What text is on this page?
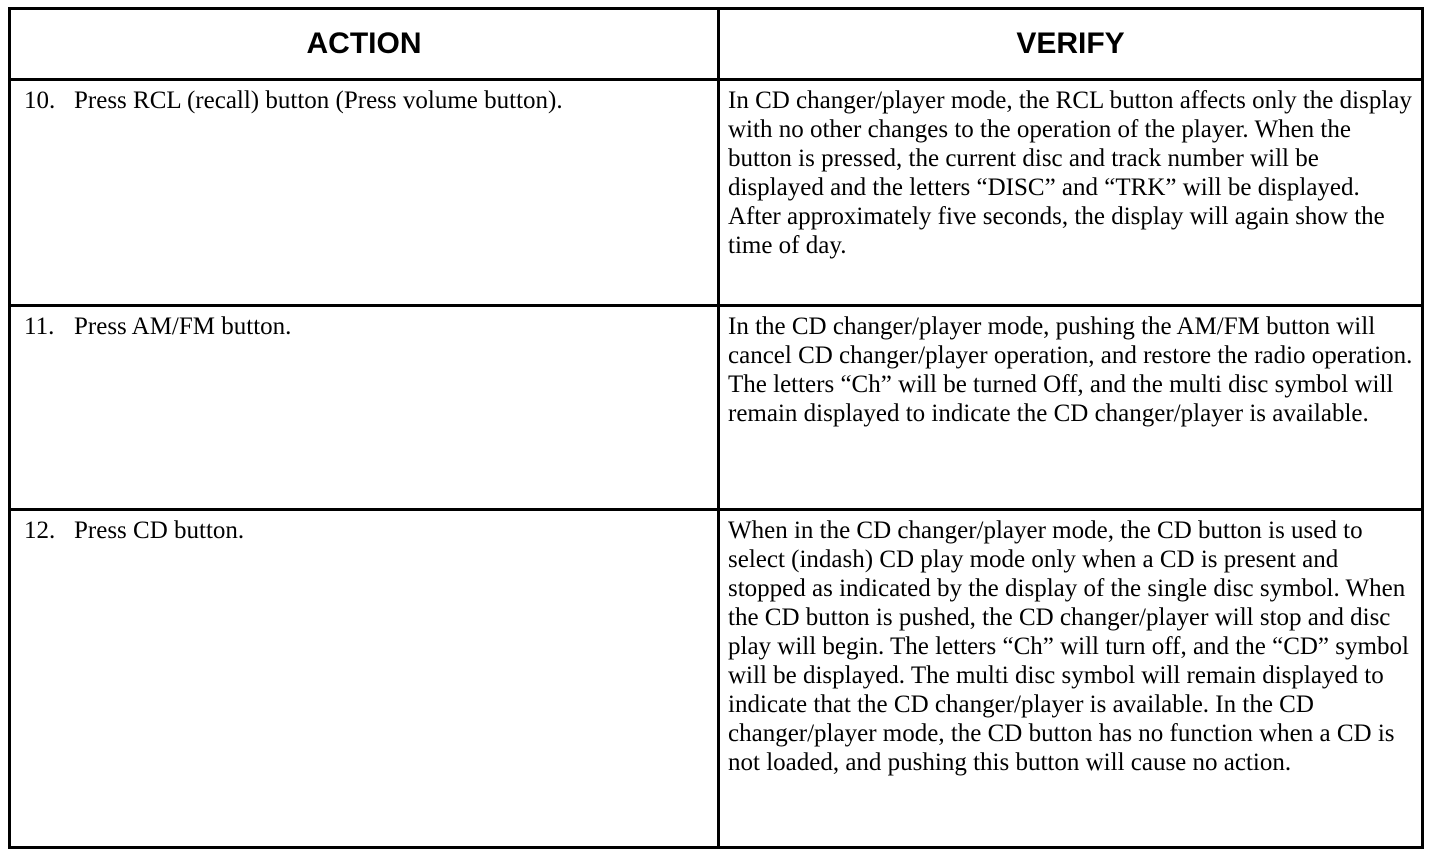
ACTION	VERIFY
10. Press RCL (recall) button (Press volume button).	In CD changer/player mode, the RCL button affects only the display with no other changes to the operation of the player. When the button is pressed, the current disc and track number will be displayed and the letters “DISC” and “TRK” will be displayed. After approximately five seconds, the display will again show the time of day.
11. Press AM/FM button.	In the CD changer/player mode, pushing the AM/FM button will cancel CD changer/player operation, and restore the radio operation. The letters “Ch” will be turned Off, and the multi disc symbol will remain displayed to indicate the CD changer/player is available.
12. Press CD button.	When in the CD changer/player mode, the CD button is used to select (indash) CD play mode only when a CD is present and stopped as indicated by the display of the single disc symbol. When the CD button is pushed, the CD changer/player will stop and disc play will begin. The letters “Ch” will turn off, and the “CD” symbol will be displayed. The multi disc symbol will remain displayed to indicate that the CD changer/player is available. In the CD changer/player mode, the CD button has no function when a CD is not loaded, and pushing this button will cause no action.
